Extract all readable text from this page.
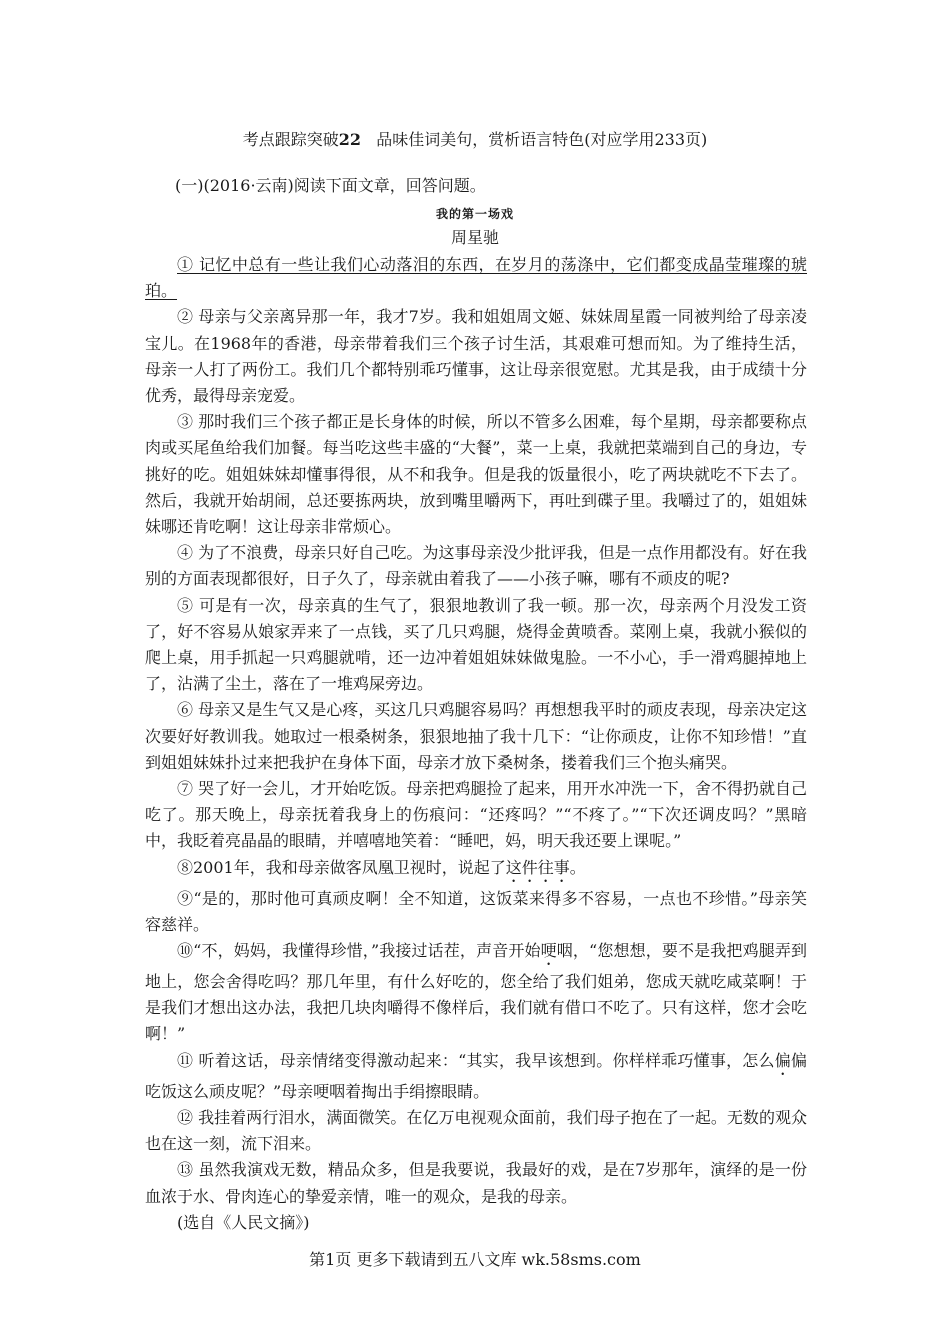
考点跟踪突破22 品味佳词美句，赏析语言特色(对应学用233页)
(一)(2016·云南)阅读下面文章，回答问题。
我的第一场戏
周星驰

① 记忆中总有一些让我们心动落泪的东西，在岁月的荡涤中，它们都变成晶莹璀璨的琥珀。

② 母亲与父亲离异那一年，我才7岁。我和姐姐周文姬、妹妹周星霞一同被判给了母亲凌宝儿。在1968年的香港，母亲带着我们三个孩子讨生活，其艰难可想而知。为了维持生活，母亲一人打了两份工。我们几个都特别乖巧懂事，这让母亲很宽慰。尤其是我，由于成绩十分优秀，最得母亲宠爱。

③ 那时我们三个孩子都正是长身体的时候，所以不管多么困难，每个星期，母亲都要称点肉或买尾鱼给我们加餐。每当吃这些丰盛的“大餐”，菜一上桌，我就把菜端到自己的身边，专挑好的吃。姐姐妹妹却懂事得很，从不和我争。但是我的饭量很小，吃了两块就吃不下去了。然后，我就开始胡闹，总还要拣两块，放到嘴里嚼两下，再吐到碟子里。我嚼过了的，姐姐妹妹哪还肯吃啊！这让母亲非常烦心。

④ 为了不浪费，母亲只好自己吃。为这事母亲没少批评我，但是一点作用都没有。好在我别的方面表现都很好，日子久了，母亲就由着我了——小孩子嘛，哪有不顽皮的呢?

⑤ 可是有一次，母亲真的生气了，狠狠地教训了我一顿。那一次，母亲两个月没发工资了，好不容易从娘家弄来了一点钱，买了几只鸡腿，烧得金黄喷香。菜刚上桌，我就小猴似的爬上桌，用手抓起一只鸡腿就啃，还一边冲着姐姐妹妹做鬼脸。一不小心，手一滑鸡腿掉地上了，沾满了尘土，落在了一堆鸡屎旁边。

⑥ 母亲又是生气又是心疼，买这几只鸡腿容易吗？再想想我平时的顽皮表现，母亲决定这次要好好教训我。她取过一根桑树条，狠狠地抽了我十几下：“让你顽皮，让你不知珍惜！”直到姐姐妹妹扑过来把我护在身体下面，母亲才放下桑树条，搂着我们三个抱头痛哭。

⑦ 哭了好一会儿，才开始吃饭。母亲把鸡腿捡了起来，用开水冲洗一下，舍不得扔就自己吃了。那天晚上，母亲抚着我身上的伤痕问：“还疼吗？”“不疼了。”“下次还调皮吗？”黑暗中，我眨着亮晶晶的眼睛，并嘻嘻地笑着：“睡吧，妈，明天我还要上课呢。”

⑧2001年，我和母亲做客凤凰卫视时，说起了这件往事。

⑨“是的，那时他可真顽皮啊！全不知道，这饭菜来得多不容易，一点也不珍惜。”母亲笑容慈祥。

⑩“不，妈妈，我懂得珍惜，”我接过话茬，声音开始哽咽，“您想想，要不是我把鸡腿弄到地上，您会舍得吃吗？那几年里，有什么好吃的，您全给了我们姐弟，您成天就吃咸菜啊！于是我们才想出这办法，我把几块肉嚼得不像样后，我们就有借口不吃了。只有这样，您才会吃啊！”

⑪ 听着这话，母亲情绪变得激动起来：“其实，我早该想到。你样样乖巧懂事，怎么偏偏吃饭这么顽皮呢？”母亲哽咽着掏出手绢擦眼睛。

⑫ 我挂着两行泪水，满面微笑。在亿万电视观众面前，我们母子抱在了一起。无数的观众也在这一刻，流下泪来。

⑬ 虽然我演戏无数，精品众多，但是我要说，我最好的戏，是在7岁那年，演绎的是一份血浓于水、骨肉连心的挚爱亲情，唯一的观众，是我的母亲。

(选自《人民文摘》)

第1页 更多下载请到五八文库 wk.58sms.com
